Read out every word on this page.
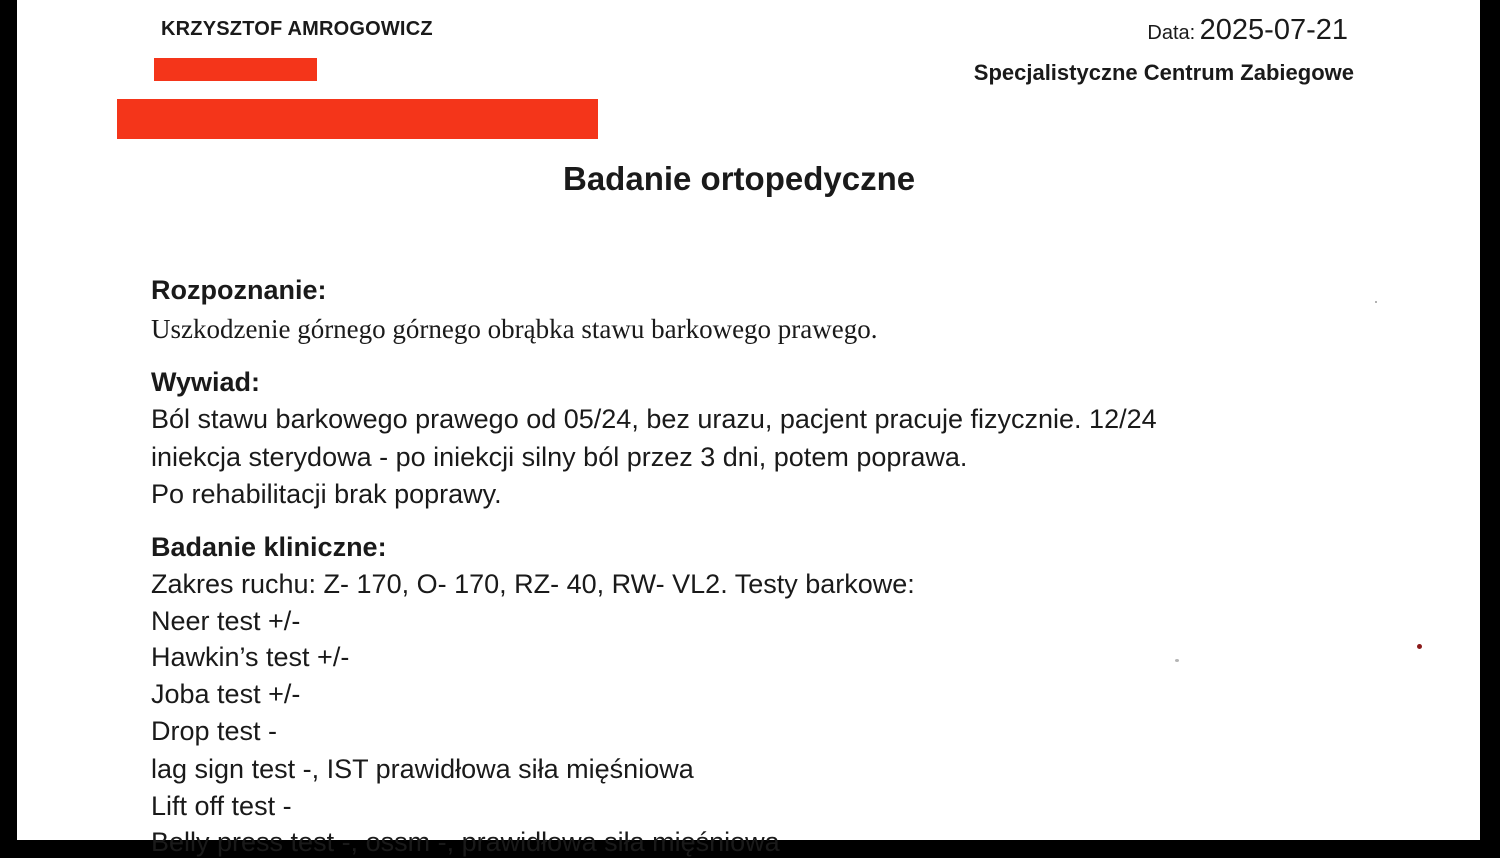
KRZYSZTOF AMROGOWICZ	Data: 2025-07-21
Specjalistyczne Centrum Zabiegowe
Badanie ortopedyczne
Rozpoznanie:
Uszkodzenie górnego górnego obrąbka stawu barkowego prawego.
Wywiad:
Ból stawu barkowego prawego od 05/24, bez urazu, pacjent pracuje fizycznie. 12/24
iniekcja sterydowa - po iniekcji silny ból przez 3 dni, potem poprawa.
Po rehabilitacji brak poprawy.
Badanie kliniczne:
Zakres ruchu: Z- 170, O- 170, RZ- 40, RW- VL2. Testy barkowe:
Neer test +/-
Hawkin’s test +/-
Joba test +/-
Drop test -
lag sign test -, IST prawidłowa siła mięśniowa
Lift off test -
Belly press test -, ossm -, prawidłowa siła mięśniowa
